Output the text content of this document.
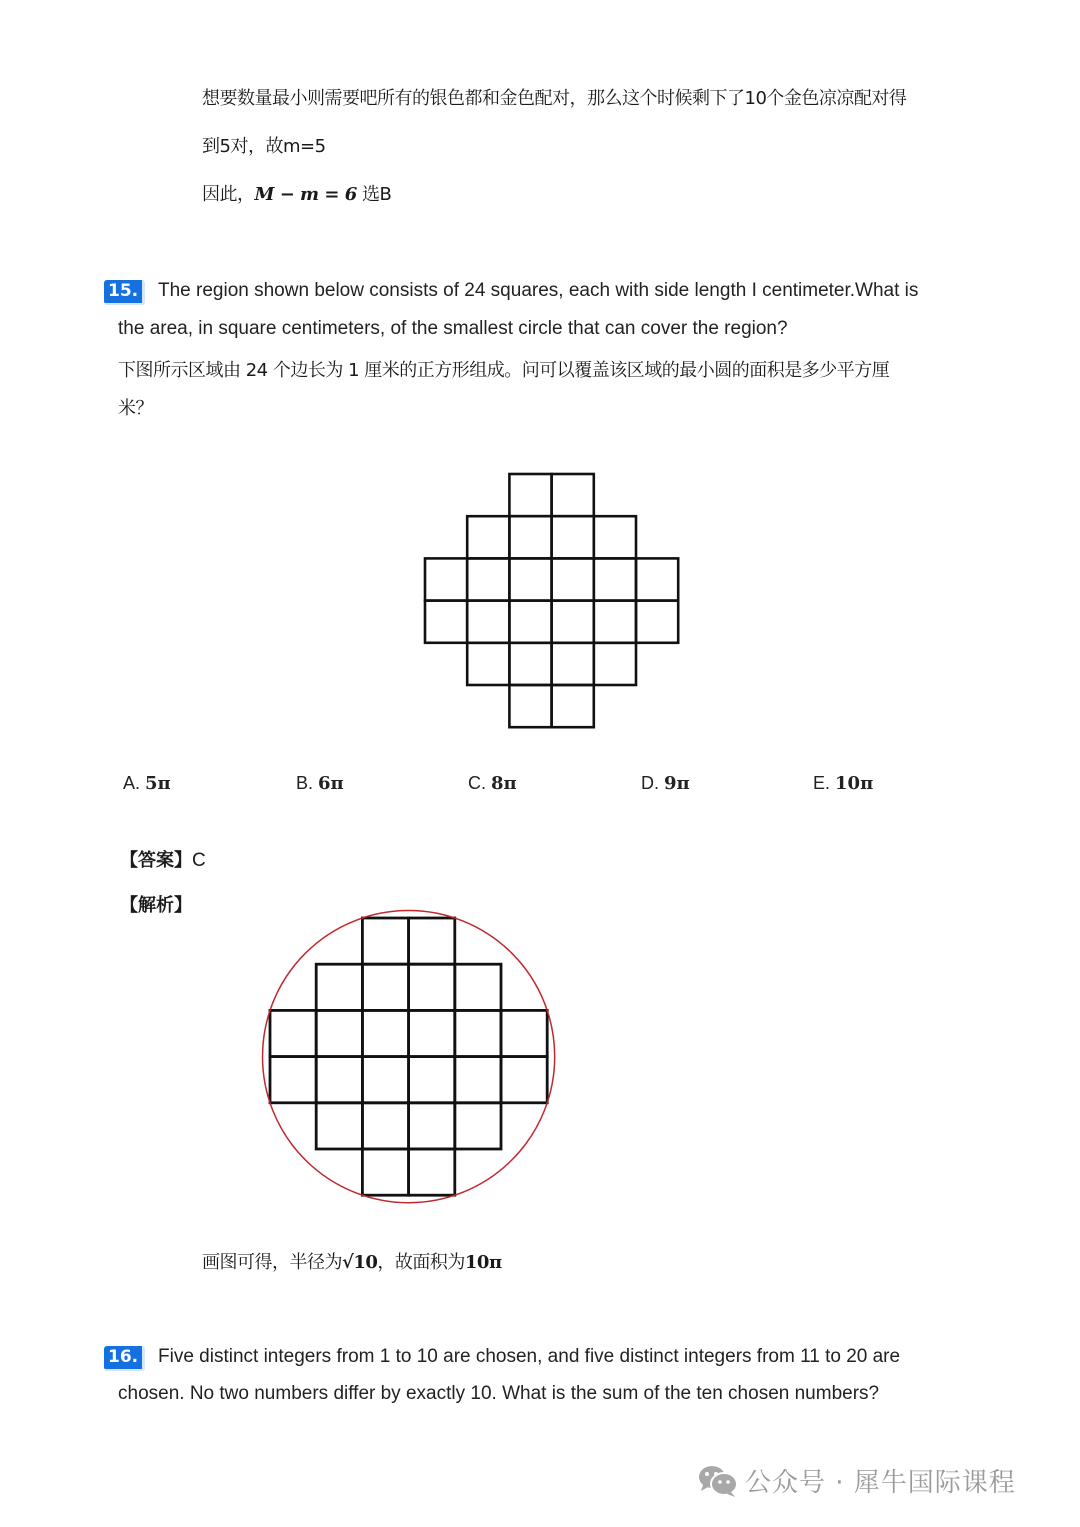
想要数量最小则需要吧所有的银色都和金色配对，那么这个时候剩下了10个金色凉凉配对得
到5对，故m=5
因此，M − m = 6 选B
15.	The region shown below consists of 24 squares, each with side length I centimeter.What is
the area, in square centimeters, of the smallest circle that can cover the region?
下图所示区域由 24 个边长为 1 厘米的正方形组成。问可以覆盖该区域的最小圆的面积是多少平方厘
米？
A. 5π	B. 6π	C. 8π	D. 9π	E. 10π
【答案】C
【解析】
画图可得，半径为√10，故面积为10π
16.	Five distinct integers from 1 to 10 are chosen, and five distinct integers from 11 to 20 are
chosen. No two numbers differ by exactly 10. What is the sum of the ten chosen numbers?
公众号 · 犀牛国际课程
